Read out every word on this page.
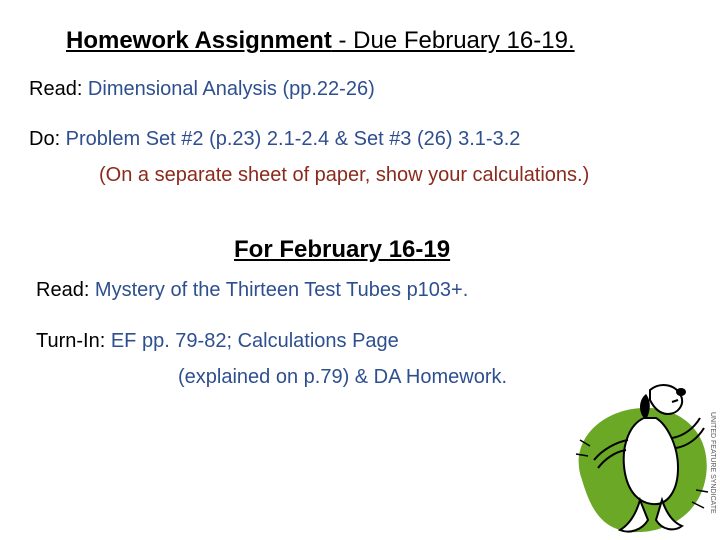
Homework Assignment - Due February 16-19.
Read: Dimensional Analysis (pp.22-26)
Do: Problem Set #2 (p.23) 2.1-2.4 & Set #3 (26) 3.1-3.2
(On a separate sheet of paper, show your calculations.)
For February 16-19
Read: Mystery of the Thirteen Test Tubes p103+.
Turn-In: EF pp. 79-82; Calculations Page
(explained on p.79) & DA Homework.
UNITED FEATURE SYNDICATE
